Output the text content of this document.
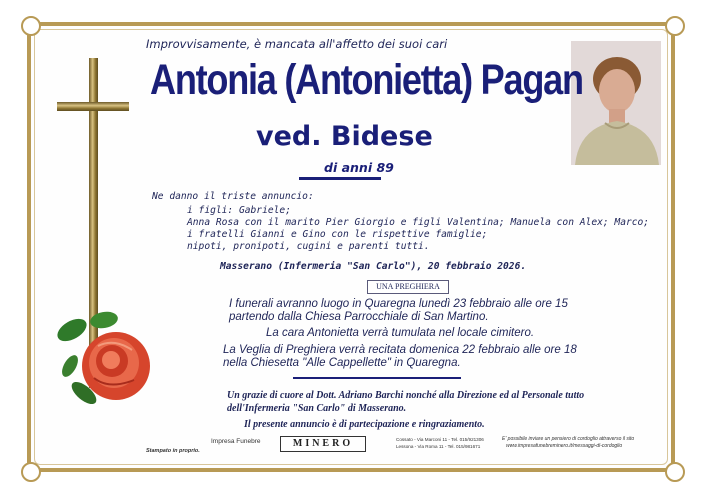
Improvvisamente, è mancata all'affetto dei suoi cari
Antonia (Antonietta) Pagan
ved. Bidese
di anni 89
Ne danno il triste annuncio:
i figli: Gabriele;
Anna Rosa con il marito Pier Giorgio e figli Valentina; Manuela con Alex; Marco;
i fratelli Gianni e Gino con le rispettive famiglie;
nipoti, pronipoti, cugini e parenti tutti.
Masserano (Infermeria "San Carlo"), 20 febbraio 2026.
UNA PREGHIERA
I funerali avranno luogo in Quaregna lunedì 23 febbraio alle ore 15
partendo dalla Chiesa Parrocchiale di San Martino.
La cara Antonietta verrà tumulata nel locale cimitero.
La Veglia di Preghiera verrà recitata domenica 22 febbraio alle ore 18
nella Chiesetta "Alle Cappellette" in Quaregna.
Un grazie di cuore al Dott. Adriano Barchi nonché alla Direzione ed al Personale tutto
dell'Infermeria "San Carlo" di Masserano.
Il presente annuncio è di partecipazione e ringraziamento.
Stampato in proprio.
Impresa Funebre	MINERO	Cossato - Via Marconi 11 - Tel. 015/921306
Lessona - Via Roma 11 - Tel. 015/981671
E' possibile inviare un pensiero di cordoglio attraverso il sito
www.impresafunebreminero.it/messaggi-di-cordoglio
